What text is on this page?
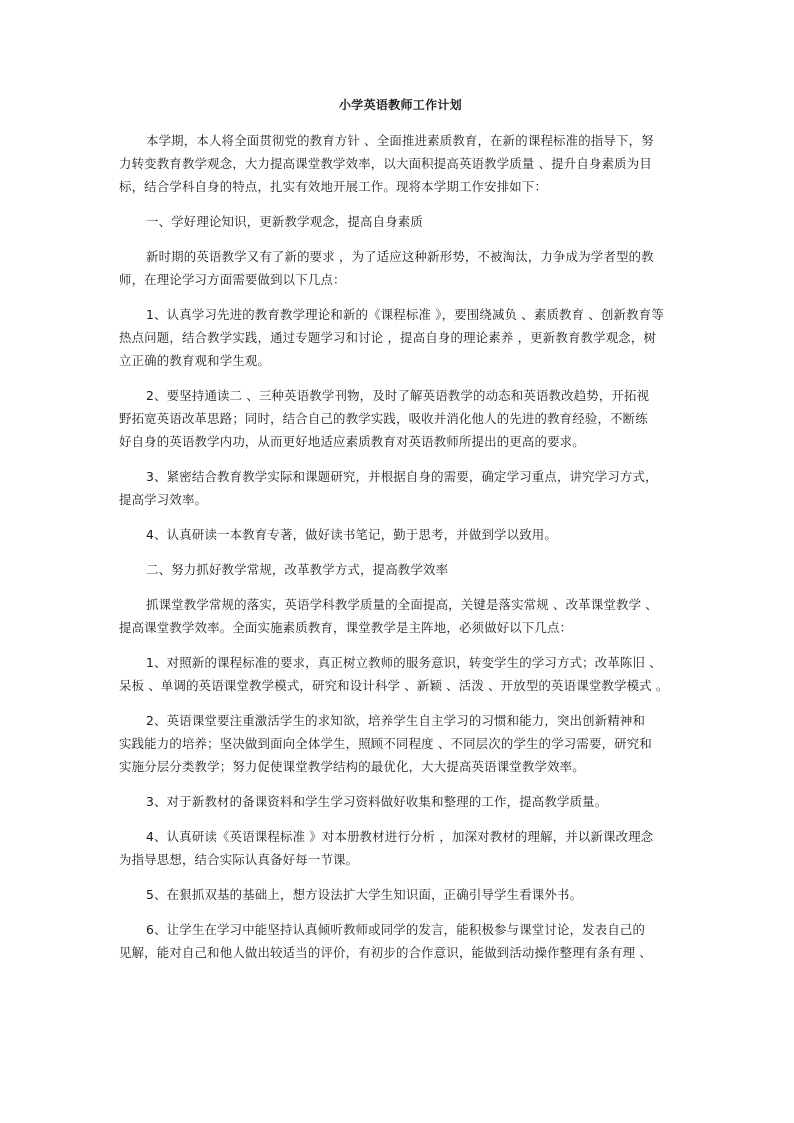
小学英语教师工作计划
本学期，本人将全面贯彻党的教育方针 、全面推进素质教育，在新的课程标准的指导下，努
力转变教育教学观念，大力提高课堂教学效率，以大面积提高英语教学质量 、提升自身素质为目
标，结合学科自身的特点，扎实有效地开展工作。现将本学期工作安排如下：
一、学好理论知识，更新教学观念，提高自身素质
新时期的英语教学又有了新的要求 ，为了适应这种新形势，不被淘汰，力争成为学者型的教
师，在理论学习方面需要做到以下几点：
1、认真学习先进的教育教学理论和新的《课程标准 》，要围绕减负 、素质教育 、创新教育等
热点问题，结合教学实践，通过专题学习和讨论 ，提高自身的理论素养 ，更新教育教学观念，树
立正确的教育观和学生观。
2、要坚持通读二 、三种英语教学刊物，及时了解英语教学的动态和英语教改趋势，开拓视
野拓宽英语改革思路；同时，结合自己的教学实践，吸收并消化他人的先进的教育经验，不断练
好自身的英语教学内功，从而更好地适应素质教育对英语教师所提出的更高的要求。
3、紧密结合教育教学实际和课题研究，并根据自身的需要，确定学习重点，讲究学习方式，
提高学习效率。
4、认真研读一本教育专著，做好读书笔记，勤于思考，并做到学以致用。
二、努力抓好教学常规，改革教学方式，提高教学效率
抓课堂教学常规的落实，英语学科教学质量的全面提高，关键是落实常规 、改革课堂教学 、
提高课堂教学效率。全面实施素质教育，课堂教学是主阵地，必须做好以下几点：
1、对照新的课程标准的要求，真正树立教师的服务意识，转变学生的学习方式；改革陈旧 、
呆板 、单调的英语课堂教学模式，研究和设计科学 、新颖 、活泼 、开放型的英语课堂教学模式 。
2、英语课堂要注重激活学生的求知欲，培养学生自主学习的习惯和能力，突出创新精神和
实践能力的培养；坚决做到面向全体学生，照顾不同程度 、不同层次的学生的学习需要，研究和
实施分层分类教学；努力促使课堂教学结构的最优化，大大提高英语课堂教学效率。
3、对于新教材的备课资料和学生学习资料做好收集和整理的工作，提高教学质量。
4、认真研读《英语课程标准 》对本册教材进行分析 ，加深对教材的理解，并以新课改理念
为指导思想，结合实际认真备好每一节课。
5、在狠抓双基的基础上，想方设法扩大学生知识面，正确引导学生看课外书。
6、让学生在学习中能坚持认真倾听教师或同学的发言，能积极参与课堂讨论，发表自己的
见解，能对自己和他人做出较适当的评价，有初步的合作意识，能做到活动操作整理有条有理 、
